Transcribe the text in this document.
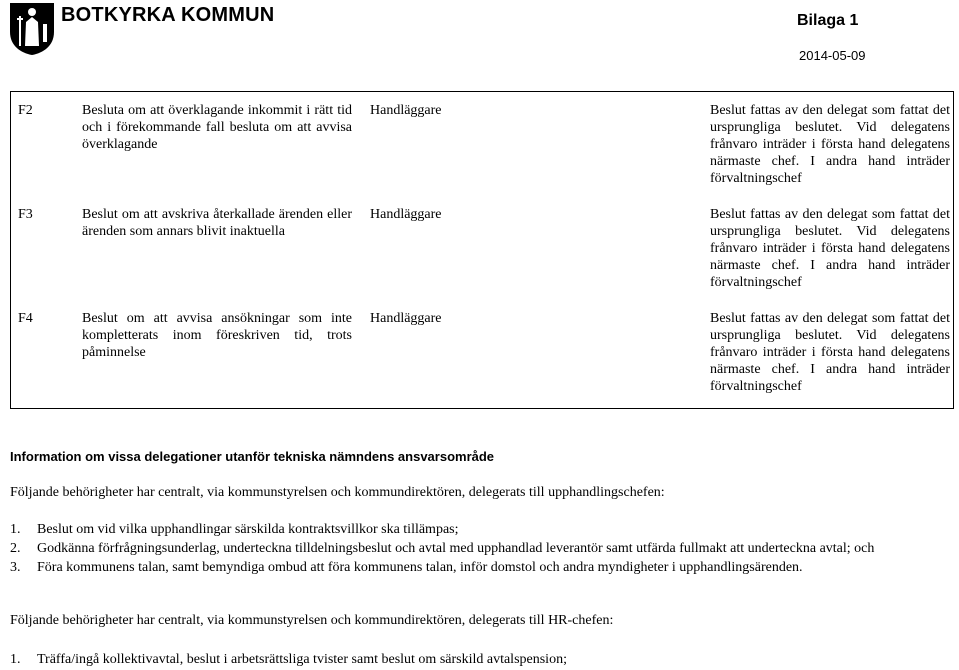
BOTKYRKA KOMMUN	Bilaga 1
2014-05-09
F2	Besluta om att överklagande inkommit i rätt tid och i förekommande fall besluta om att avvisa överklagande	Handläggare	Beslut fattas av den delegat som fattat det ursprungliga beslutet. Vid delegatens frånvaro inträder i första hand delegatens närmaste chef. I andra hand inträder förvaltningschef
F3	Beslut om att avskriva återkallade ärenden eller ärenden som annars blivit inaktuella	Handläggare	Beslut fattas av den delegat som fattat det ursprungliga beslutet. Vid delegatens frånvaro inträder i första hand delegatens närmaste chef. I andra hand inträder förvaltningschef
F4	Beslut om att avvisa ansökningar som inte kompletterats inom föreskriven tid, trots påminnelse	Handläggare	Beslut fattas av den delegat som fattat det ursprungliga beslutet. Vid delegatens frånvaro inträder i första hand delegatens närmaste chef. I andra hand inträder förvaltningschef
Information om vissa delegationer utanför tekniska nämndens ansvarsområde
Följande behörigheter har centralt, via kommunstyrelsen och kommundirektören, delegerats till upphandlingschefen:
1. Beslut om vid vilka upphandlingar särskilda kontraktsvillkor ska tillämpas;
2. Godkänna förfrågningsunderlag, underteckna tilldelningsbeslut och avtal med upphandlad leverantör samt utfärda fullmakt att underteckna avtal; och
3. Föra kommunens talan, samt bemyndiga ombud att föra kommunens talan, inför domstol och andra myndigheter i upphandlingsärenden.
Följande behörigheter har centralt, via kommunstyrelsen och kommundirektören, delegerats till HR-chefen:
1. Träffa/ingå kollektivavtal, beslut i arbetsrättsliga tvister samt beslut om särskild avtalspension;
